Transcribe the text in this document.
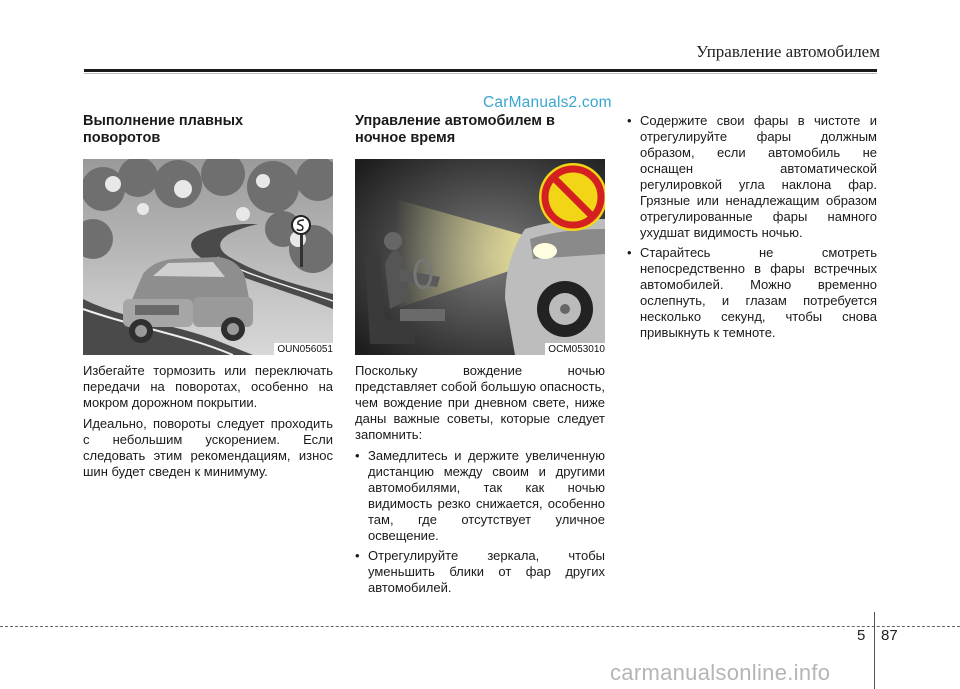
Управление автомобилем
CarManuals2.com
Выполнение плавных поворотов
OUN056051
Избегайте тормозить или переключать передачи на поворотах, особенно на мокром дорожном покрытии.
Идеально, повороты следует проходить с небольшим ускорением. Если следовать этим рекомендациям, износ шин будет сведен к минимуму.
Управление автомобилем в ночное время
OCM053010
Поскольку вождение ночью представляет собой большую опасность, чем вождение при дневном свете, ниже даны важные советы, которые следует запомнить:
• Замедлитесь и держите увеличенную дистанцию между своим и другими автомобилями, так как ночью видимость резко снижается, особенно там, где отсутствует уличное освещение.
• Отрегулируйте зеркала, чтобы уменьшить блики от фар других автомобилей.
• Содержите свои фары в чистоте и отрегулируйте фары должным образом, если автомобиль не оснащен автоматической регулировкой угла наклона фар. Грязные или ненадлежащим образом отрегулированные фары намного ухудшат видимость ночью.
• Старайтесь не смотреть непосредственно в фары встречных автомобилей. Можно временно ослепнуть, и глазам потребуется несколько секунд, чтобы снова привыкнуть к темноте.
5 87
carmanualsonline.info
